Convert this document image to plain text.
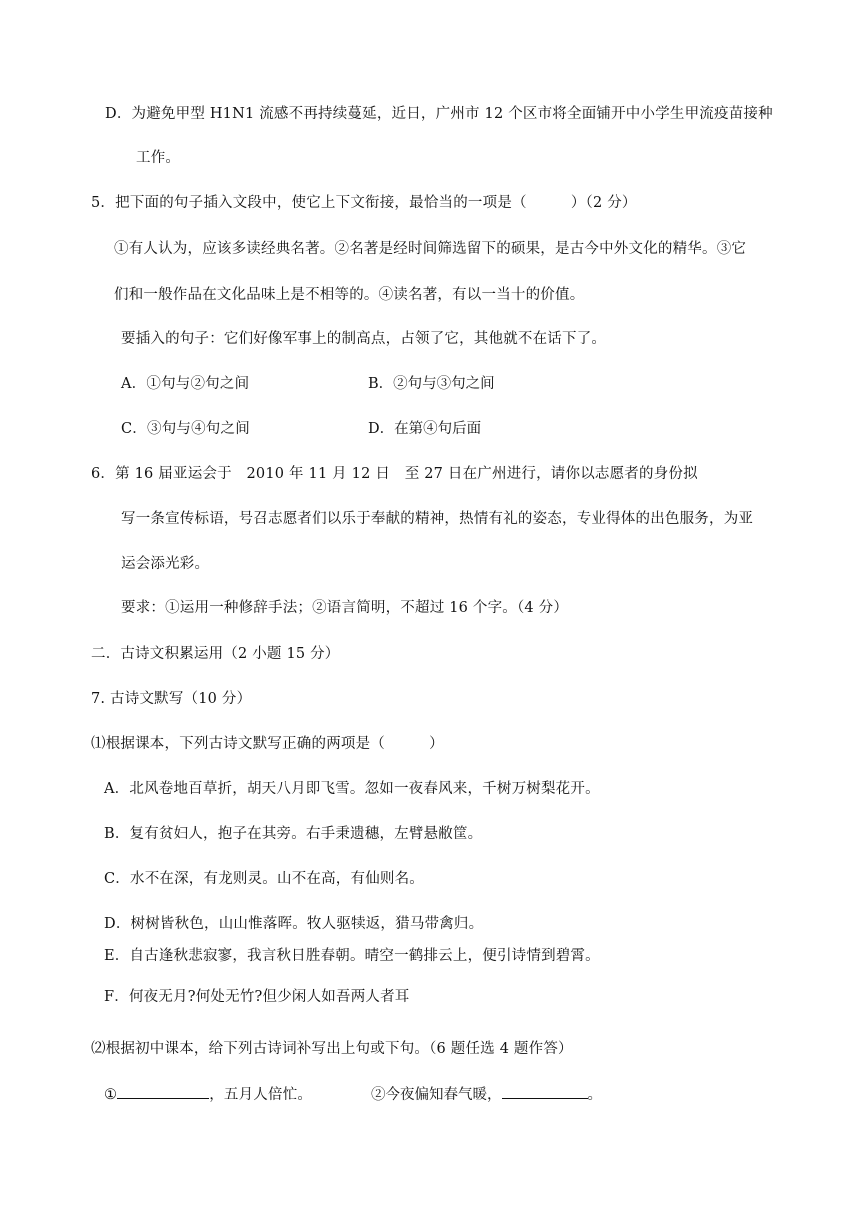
D．为避免甲型 H1N1 流感不再持续蔓延，近日，广州市 12 个区市将全面铺开中小学生甲流疫苗接种
工作。
5．把下面的句子插入文段中，使它上下文衔接，最恰当的一项是（　　　）（2 分）
①有人认为，应该多读经典名著。②名著是经时间筛选留下的硕果，是古今中外文化的精华。③它
们和一般作品在文化品味上是不相等的。④读名著，有以一当十的价值。
要插入的句子：它们好像军事上的制高点，占领了它，其他就不在话下了。
A．①句与②句之间	B．②句与③句之间
C．③句与④句之间	D．在第④句后面
6．第 16 届亚运会于　2010 年 11 月 12 日　至 27 日在广州进行，请你以志愿者的身份拟
写一条宣传标语，号召志愿者们以乐于奉献的精神，热情有礼的姿态，专业得体的出色服务，为亚
运会添光彩。
要求：①运用一种修辞手法；②语言简明，不超过 16 个字。（4 分）
二．古诗文积累运用（2 小题 15 分）
7. 古诗文默写（10 分）
⑴根据课本，下列古诗文默写正确的两项是（　　　）
A．北风卷地百草折，胡天八月即飞雪。忽如一夜春风来，千树万树梨花开。
B．复有贫妇人，抱子在其旁。右手秉遗穗，左臂悬敝筐。
C．水不在深，有龙则灵。山不在高，有仙则名。
D．树树皆秋色，山山惟落晖。牧人驱犊返，猎马带禽归。
E．自古逢秋悲寂寥，我言秋日胜春朝。晴空一鹤排云上，便引诗情到碧霄。
F．何夜无月?何处无竹?但少闲人如吾两人者耳
⑵根据初中课本，给下列古诗词补写出上句或下句。（6 题任选 4 题作答）
①	，五月人倍忙。	②今夜偏知春气暖，	。
